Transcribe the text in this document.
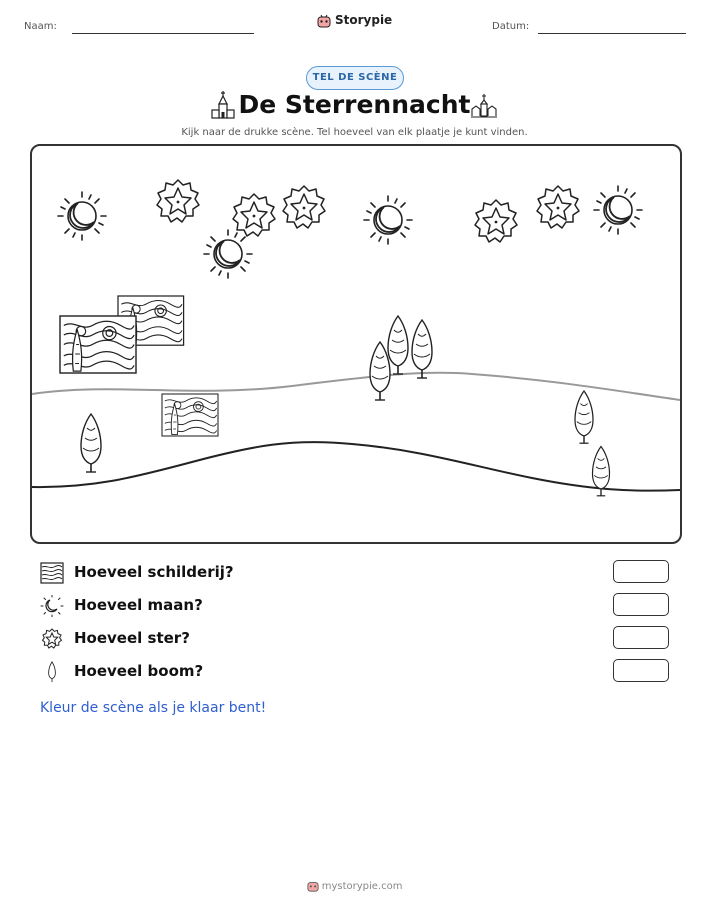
Naam:	Storypie	Datum:
TEL DE SCÈNE
De Sterrennacht
Kijk naar de drukke scène. Tel hoeveel van elk plaatje je kunt vinden.
Hoeveel schilderij?
Hoeveel maan?
Hoeveel ster?
Hoeveel boom?
Kleur de scène als je klaar bent!
mystorypie.com
